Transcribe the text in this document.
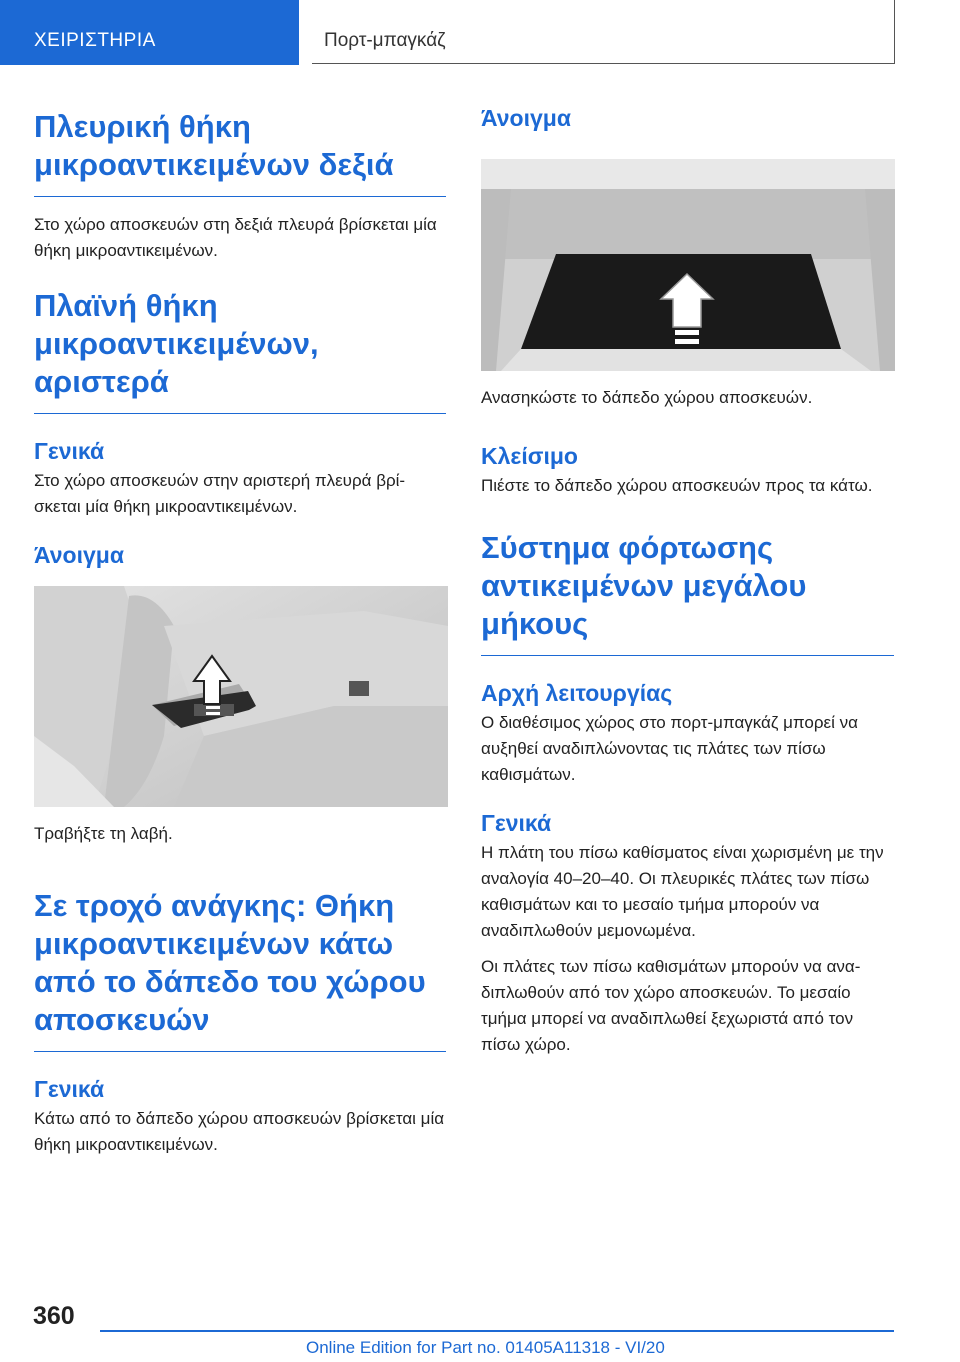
ΧΕΙΡΙΣΤΗΡΙΑ	Πορτ-μπαγκάζ
Πλευρική θήκη μικροαντικειμένων δεξιά

Στο χώρο αποσκευών στη δεξιά πλευρά βρίσκεται μία θήκη μικροαντικειμένων.

Πλαϊνή θήκη μικροαντικειμένων, αριστερά
Γενικά

Στο χώρο αποσκευών στην αριστερή πλευρά βρίσκεται μία θήκη μικροαντικειμένων.

Άνοιγμα

Τραβήξτε τη λαβή.

Σε τροχό ανάγκης: Θήκη μικροαντικειμένων κάτω από το δάπεδο του χώρου αποσκευών
Γενικά

Κάτω από το δάπεδο χώρου αποσκευών βρίσκεται μία θήκη μικροαντικειμένων.

Άνοιγμα

Ανασηκώστε το δάπεδο χώρου αποσκευών.

Κλείσιμο

Πιέστε το δάπεδο χώρου αποσκευών προς τα κάτω.

Σύστημα φόρτωσης αντικειμένων μεγάλου μήκους
Αρχή λειτουργίας

Ο διαθέσιμος χώρος στο πορτ-μπαγκάζ μπορεί να αυξηθεί αναδιπλώνοντας τις πλάτες των πίσω καθισμάτων.

Γενικά

Η πλάτη του πίσω καθίσματος είναι χωρισμένη με την αναλογία 40–20–40. Οι πλευρικές πλάτες των πίσω καθισμάτων και το μεσαίο τμήμα μπορούν να αναδιπλωθούν μεμονωμένα.

Οι πλάτες των πίσω καθισμάτων μπορούν να αναδιπλωθούν από τον χώρο αποσκευών. Το μεσαίο τμήμα μπορεί να αναδιπλωθεί ξεχωριστά από τον πίσω χώρο.

360
Online Edition for Part no. 01405A11318 - VI/20
